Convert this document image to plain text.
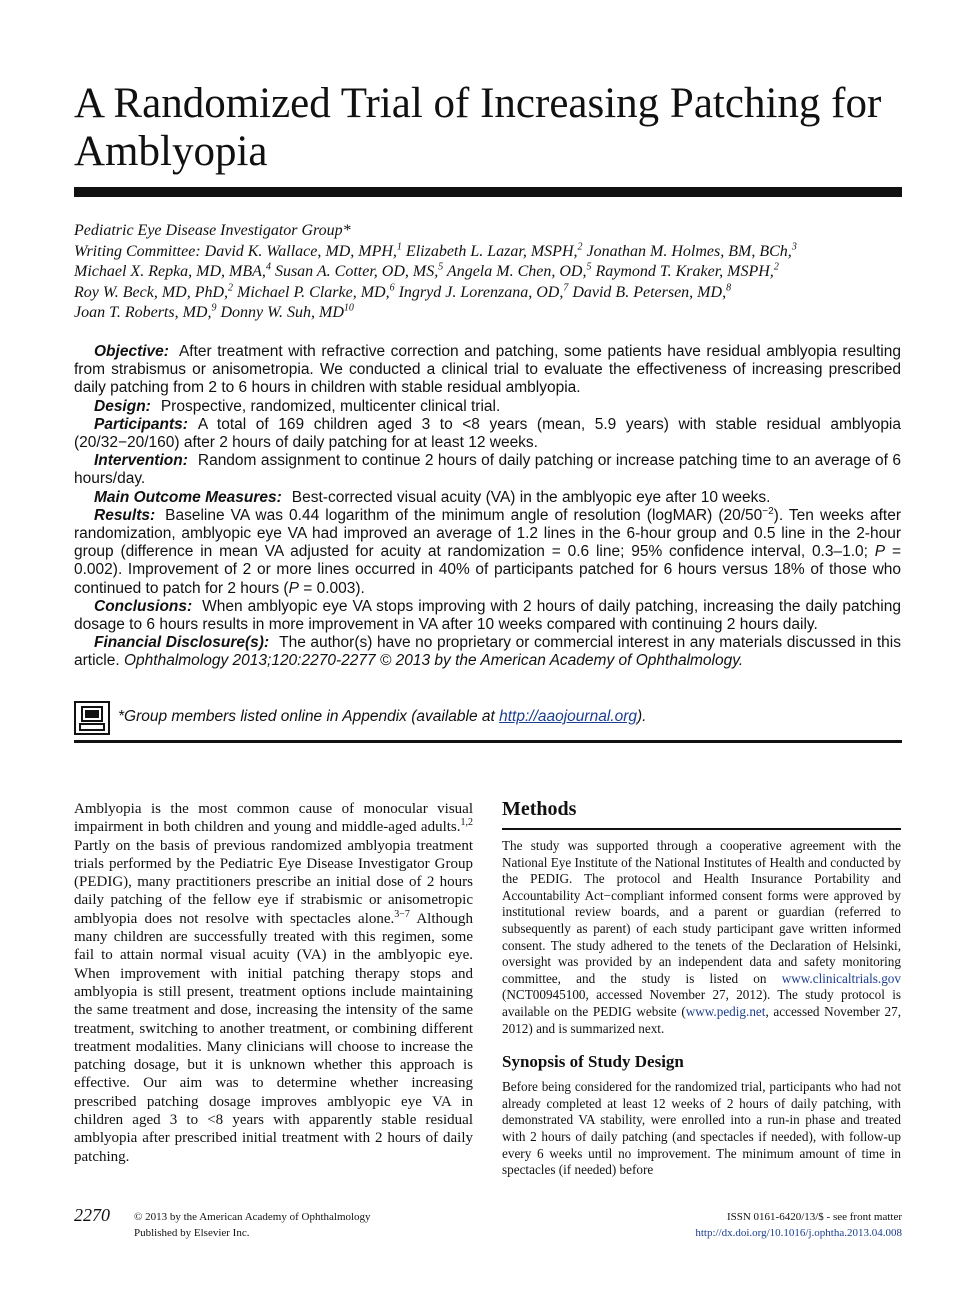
A Randomized Trial of Increasing Patching for Amblyopia
Pediatric Eye Disease Investigator Group*
Writing Committee: David K. Wallace, MD, MPH,$^1$ Elizabeth L. Lazar, MSPH,$^2$ Jonathan M. Holmes, BM, BCh,$^3$
Michael X. Repka, MD, MBA,$^4$ Susan A. Cotter, OD, MS,$^5$ Angela M. Chen, OD,$^5$ Raymond T. Kraker, MSPH,$^2$
Roy W. Beck, MD, PhD,$^2$ Michael P. Clarke, MD,$^6$ Ingryd J. Lorenzana, OD,$^7$ David B. Petersen, MD,$^8$
Joan T. Roberts, MD,$^9$ Donny W. Suh, MD$^{10}$

Objective: After treatment with refractive correction and patching, some patients have residual amblyopia resulting from strabismus or anisometropia. We conducted a clinical trial to evaluate the effectiveness of increasing prescribed daily patching from 2 to 6 hours in children with stable residual amblyopia.

Design: Prospective, randomized, multicenter clinical trial.

Participants: A total of 169 children aged 3 to <8 years (mean, 5.9 years) with stable residual amblyopia (20/32−20/160) after 2 hours of daily patching for at least 12 weeks.

Intervention: Random assignment to continue 2 hours of daily patching or increase patching time to an average of 6 hours/day.

Main Outcome Measures: Best-corrected visual acuity (VA) in the amblyopic eye after 10 weeks.

Results: Baseline VA was 0.44 logarithm of the minimum angle of resolution (logMAR) $(20/50^{-2})$. Ten weeks after randomization, amblyopic eye VA had improved an average of 1.2 lines in the 6-hour group and 0.5 line in the 2-hour group (difference in mean VA adjusted for acuity at randomization = 0.6 line; 95% confidence interval, 0.3–1.0; P = 0.002). Improvement of 2 or more lines occurred in 40% of participants patched for 6 hours versus 18% of those who continued to patch for 2 hours (P = 0.003).

Conclusions: When amblyopic eye VA stops improving with 2 hours of daily patching, increasing the daily patching dosage to 6 hours results in more improvement in VA after 10 weeks compared with continuing 2 hours daily.

Financial Disclosure(s): The author(s) have no proprietary or commercial interest in any materials discussed in this article. Ophthalmology 2013;120:2270-2277 © 2013 by the American Academy of Ophthalmology.

*Group members listed online in Appendix (available at http://aaojournal.org).

Amblyopia is the most common cause of monocular visual impairment in both children and young and middle-aged adults.$^{1,2}$ Partly on the basis of previous randomized amblyopia treatment trials performed by the Pediatric Eye Disease Investigator Group (PEDIG), many practitioners prescribe an initial dose of 2 hours daily patching of the fellow eye if strabismic or anisometropic amblyopia does not resolve with spectacles alone.$^{3-7}$ Although many children are successfully treated with this regimen, some fail to attain normal visual acuity (VA) in the amblyopic eye. When improvement with initial patching therapy stops and amblyopia is still present, treatment options include maintaining the same treatment and dose, increasing the intensity of the same treatment, switching to another treatment, or combining different treatment modalities. Many clinicians will choose to increase the patching dosage, but it is unknown whether this approach is effective. Our aim was to determine whether increasing prescribed patching dosage improves amblyopic eye VA in children aged 3 to <8 years with apparently stable residual amblyopia after prescribed initial treatment with 2 hours of daily patching.

Methods

The study was supported through a cooperative agreement with the National Eye Institute of the National Institutes of Health and conducted by the PEDIG. The protocol and Health Insurance Portability and Accountability Act−compliant informed consent forms were approved by institutional review boards, and a parent or guardian (referred to subsequently as parent) of each study participant gave written informed consent. The study adhered to the tenets of the Declaration of Helsinki, oversight was provided by an independent data and safety monitoring committee, and the study is listed on www.clinicaltrials.gov (NCT00945100, accessed November 27, 2012). The study protocol is available on the PEDIG website (www.pedig.net, accessed November 27, 2012) and is summarized next.

Synopsis of Study Design

Before being considered for the randomized trial, participants who had not already completed at least 12 weeks of 2 hours of daily patching, with demonstrated VA stability, were enrolled into a run-in phase and treated with 2 hours of daily patching (and spectacles if needed), with follow-up every 6 weeks until no improvement. The minimum amount of time in spectacles (if needed) before

2270 © 2013 by the American Academy of Ophthalmology
Published by Elsevier Inc.
ISSN 0161-6420/13/$ - see front matter
http://dx.doi.org/10.1016/j.ophtha.2013.04.008
